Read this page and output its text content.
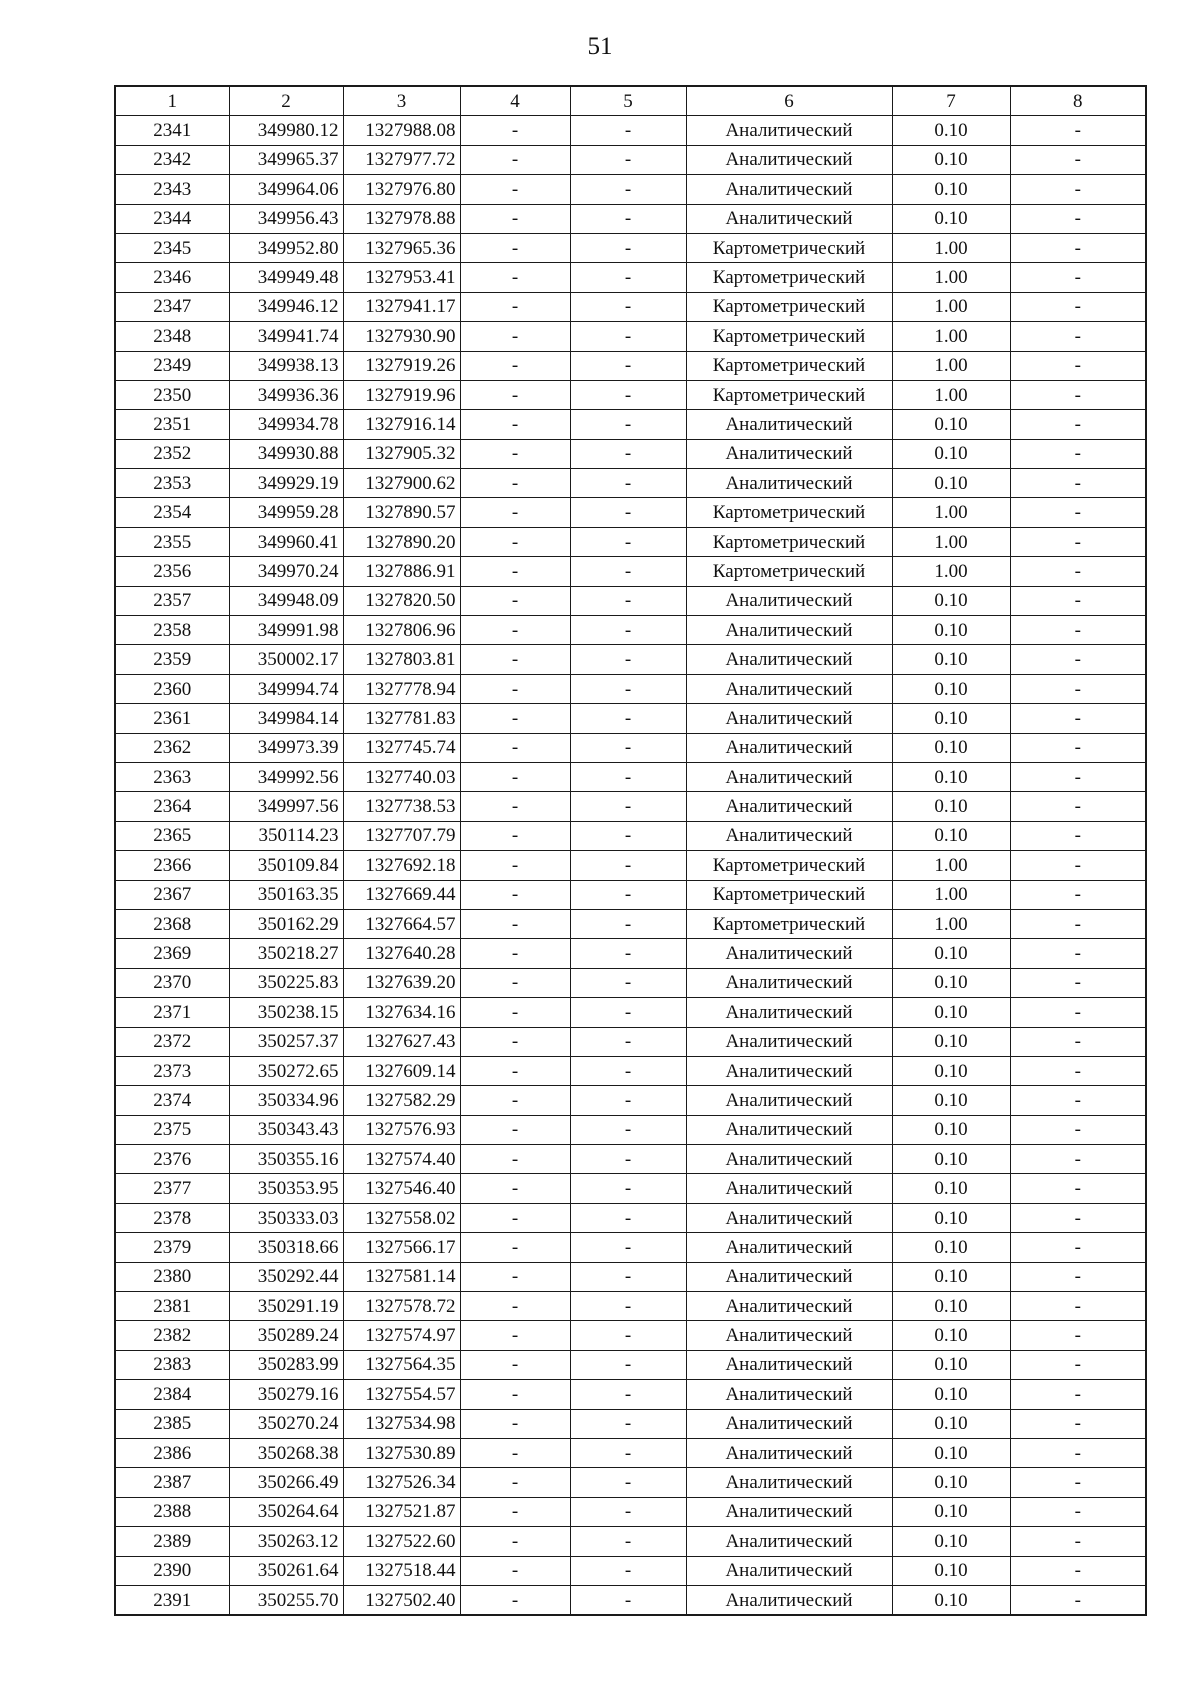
51
1	2	3	4	5	6	7	8
2341	349980.12	1327988.08	-	-	Аналитический	0.10	-
2342	349965.37	1327977.72	-	-	Аналитический	0.10	-
2343	349964.06	1327976.80	-	-	Аналитический	0.10	-
2344	349956.43	1327978.88	-	-	Аналитический	0.10	-
2345	349952.80	1327965.36	-	-	Картометрический	1.00	-
2346	349949.48	1327953.41	-	-	Картометрический	1.00	-
2347	349946.12	1327941.17	-	-	Картометрический	1.00	-
2348	349941.74	1327930.90	-	-	Картометрический	1.00	-
2349	349938.13	1327919.26	-	-	Картометрический	1.00	-
2350	349936.36	1327919.96	-	-	Картометрический	1.00	-
2351	349934.78	1327916.14	-	-	Аналитический	0.10	-
2352	349930.88	1327905.32	-	-	Аналитический	0.10	-
2353	349929.19	1327900.62	-	-	Аналитический	0.10	-
2354	349959.28	1327890.57	-	-	Картометрический	1.00	-
2355	349960.41	1327890.20	-	-	Картометрический	1.00	-
2356	349970.24	1327886.91	-	-	Картометрический	1.00	-
2357	349948.09	1327820.50	-	-	Аналитический	0.10	-
2358	349991.98	1327806.96	-	-	Аналитический	0.10	-
2359	350002.17	1327803.81	-	-	Аналитический	0.10	-
2360	349994.74	1327778.94	-	-	Аналитический	0.10	-
2361	349984.14	1327781.83	-	-	Аналитический	0.10	-
2362	349973.39	1327745.74	-	-	Аналитический	0.10	-
2363	349992.56	1327740.03	-	-	Аналитический	0.10	-
2364	349997.56	1327738.53	-	-	Аналитический	0.10	-
2365	350114.23	1327707.79	-	-	Аналитический	0.10	-
2366	350109.84	1327692.18	-	-	Картометрический	1.00	-
2367	350163.35	1327669.44	-	-	Картометрический	1.00	-
2368	350162.29	1327664.57	-	-	Картометрический	1.00	-
2369	350218.27	1327640.28	-	-	Аналитический	0.10	-
2370	350225.83	1327639.20	-	-	Аналитический	0.10	-
2371	350238.15	1327634.16	-	-	Аналитический	0.10	-
2372	350257.37	1327627.43	-	-	Аналитический	0.10	-
2373	350272.65	1327609.14	-	-	Аналитический	0.10	-
2374	350334.96	1327582.29	-	-	Аналитический	0.10	-
2375	350343.43	1327576.93	-	-	Аналитический	0.10	-
2376	350355.16	1327574.40	-	-	Аналитический	0.10	-
2377	350353.95	1327546.40	-	-	Аналитический	0.10	-
2378	350333.03	1327558.02	-	-	Аналитический	0.10	-
2379	350318.66	1327566.17	-	-	Аналитический	0.10	-
2380	350292.44	1327581.14	-	-	Аналитический	0.10	-
2381	350291.19	1327578.72	-	-	Аналитический	0.10	-
2382	350289.24	1327574.97	-	-	Аналитический	0.10	-
2383	350283.99	1327564.35	-	-	Аналитический	0.10	-
2384	350279.16	1327554.57	-	-	Аналитический	0.10	-
2385	350270.24	1327534.98	-	-	Аналитический	0.10	-
2386	350268.38	1327530.89	-	-	Аналитический	0.10	-
2387	350266.49	1327526.34	-	-	Аналитический	0.10	-
2388	350264.64	1327521.87	-	-	Аналитический	0.10	-
2389	350263.12	1327522.60	-	-	Аналитический	0.10	-
2390	350261.64	1327518.44	-	-	Аналитический	0.10	-
2391	350255.70	1327502.40	-	-	Аналитический	0.10	-
